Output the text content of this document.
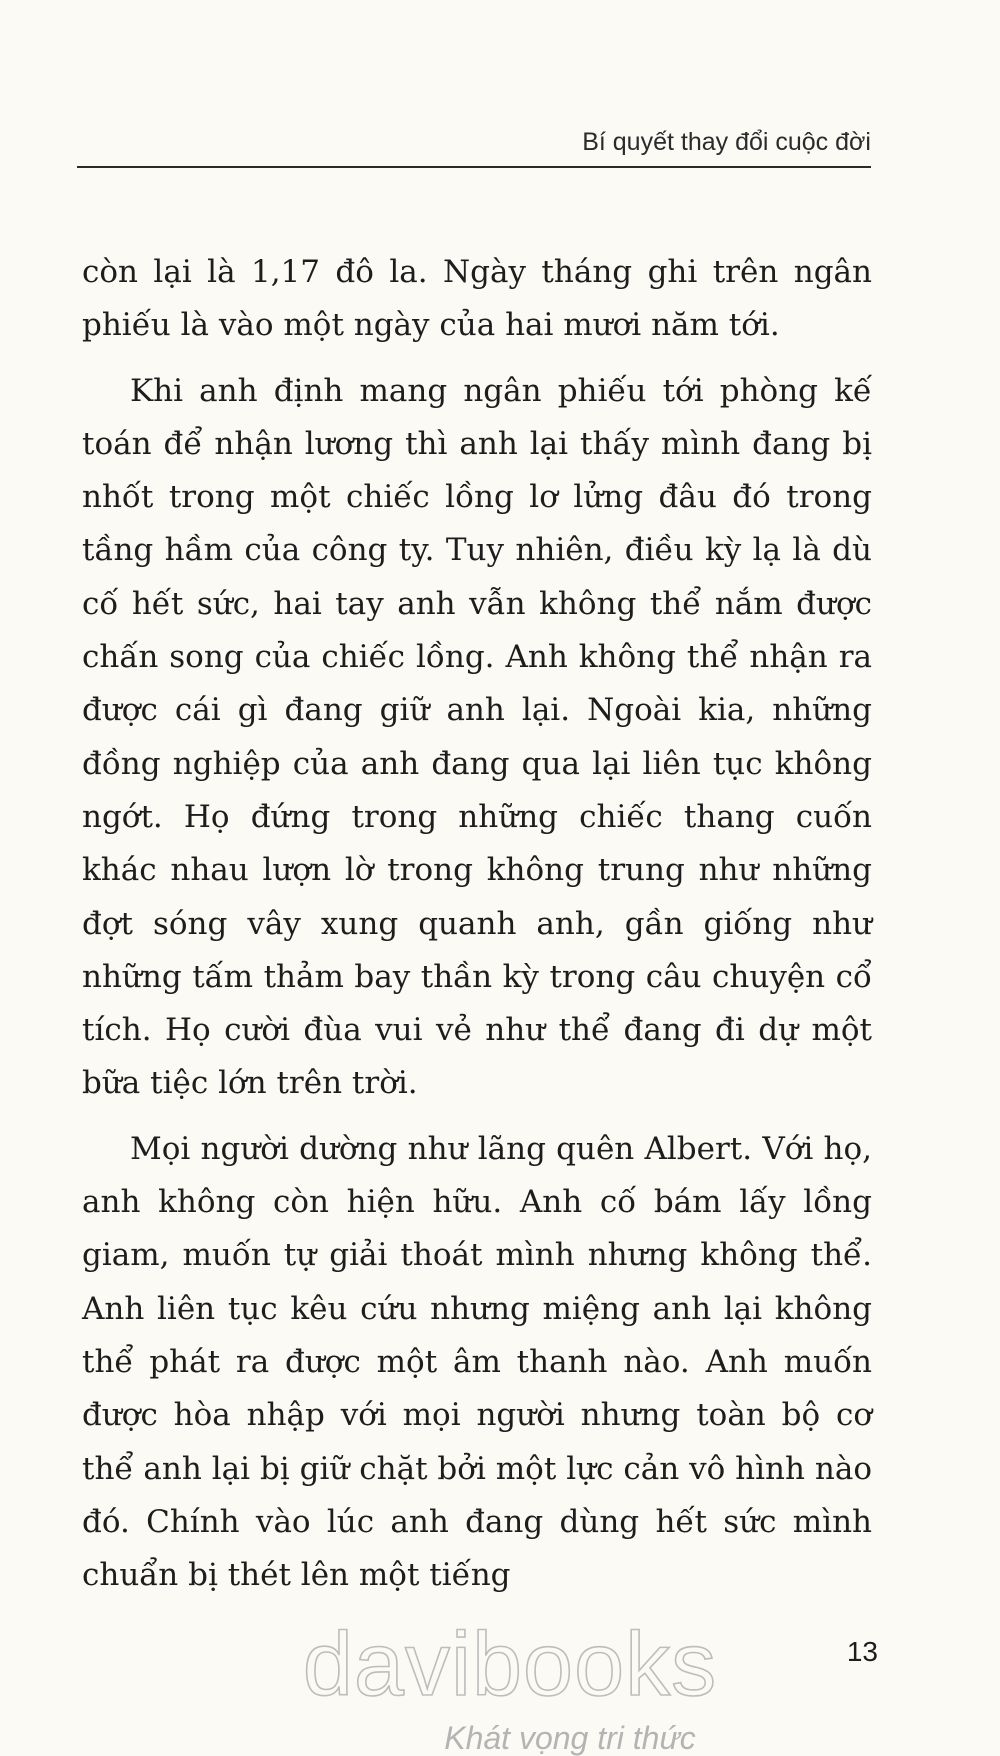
Bí quyết thay đổi cuộc đời

còn lại là 1,17 đô la. Ngày tháng ghi trên ngân phiếu là vào một ngày của hai mươi năm tới.

Khi anh định mang ngân phiếu tới phòng kế toán để nhận lương thì anh lại thấy mình đang bị nhốt trong một chiếc lồng lơ lửng đâu đó trong tầng hầm của công ty. Tuy nhiên, điều kỳ lạ là dù cố hết sức, hai tay anh vẫn không thể nắm được chấn song của chiếc lồng. Anh không thể nhận ra được cái gì đang giữ anh lại. Ngoài kia, những đồng nghiệp của anh đang qua lại liên tục không ngớt. Họ đứng trong những chiếc thang cuốn khác nhau lượn lờ trong không trung như những đợt sóng vây xung quanh anh, gần giống như những tấm thảm bay thần kỳ trong câu chuyện cổ tích. Họ cười đùa vui vẻ như thể đang đi dự một bữa tiệc lớn trên trời.

Mọi người dường như lãng quên Albert. Với họ, anh không còn hiện hữu. Anh cố bám lấy lồng giam, muốn tự giải thoát mình nhưng không thể. Anh liên tục kêu cứu nhưng miệng anh lại không thể phát ra được một âm thanh nào. Anh muốn được hòa nhập với mọi người nhưng toàn bộ cơ thể anh lại bị giữ chặt bởi một lực cản vô hình nào đó. Chính vào lúc anh đang dùng hết sức mình chuẩn bị thét lên một tiếng

13
davibooks
Khát vọng tri thức
